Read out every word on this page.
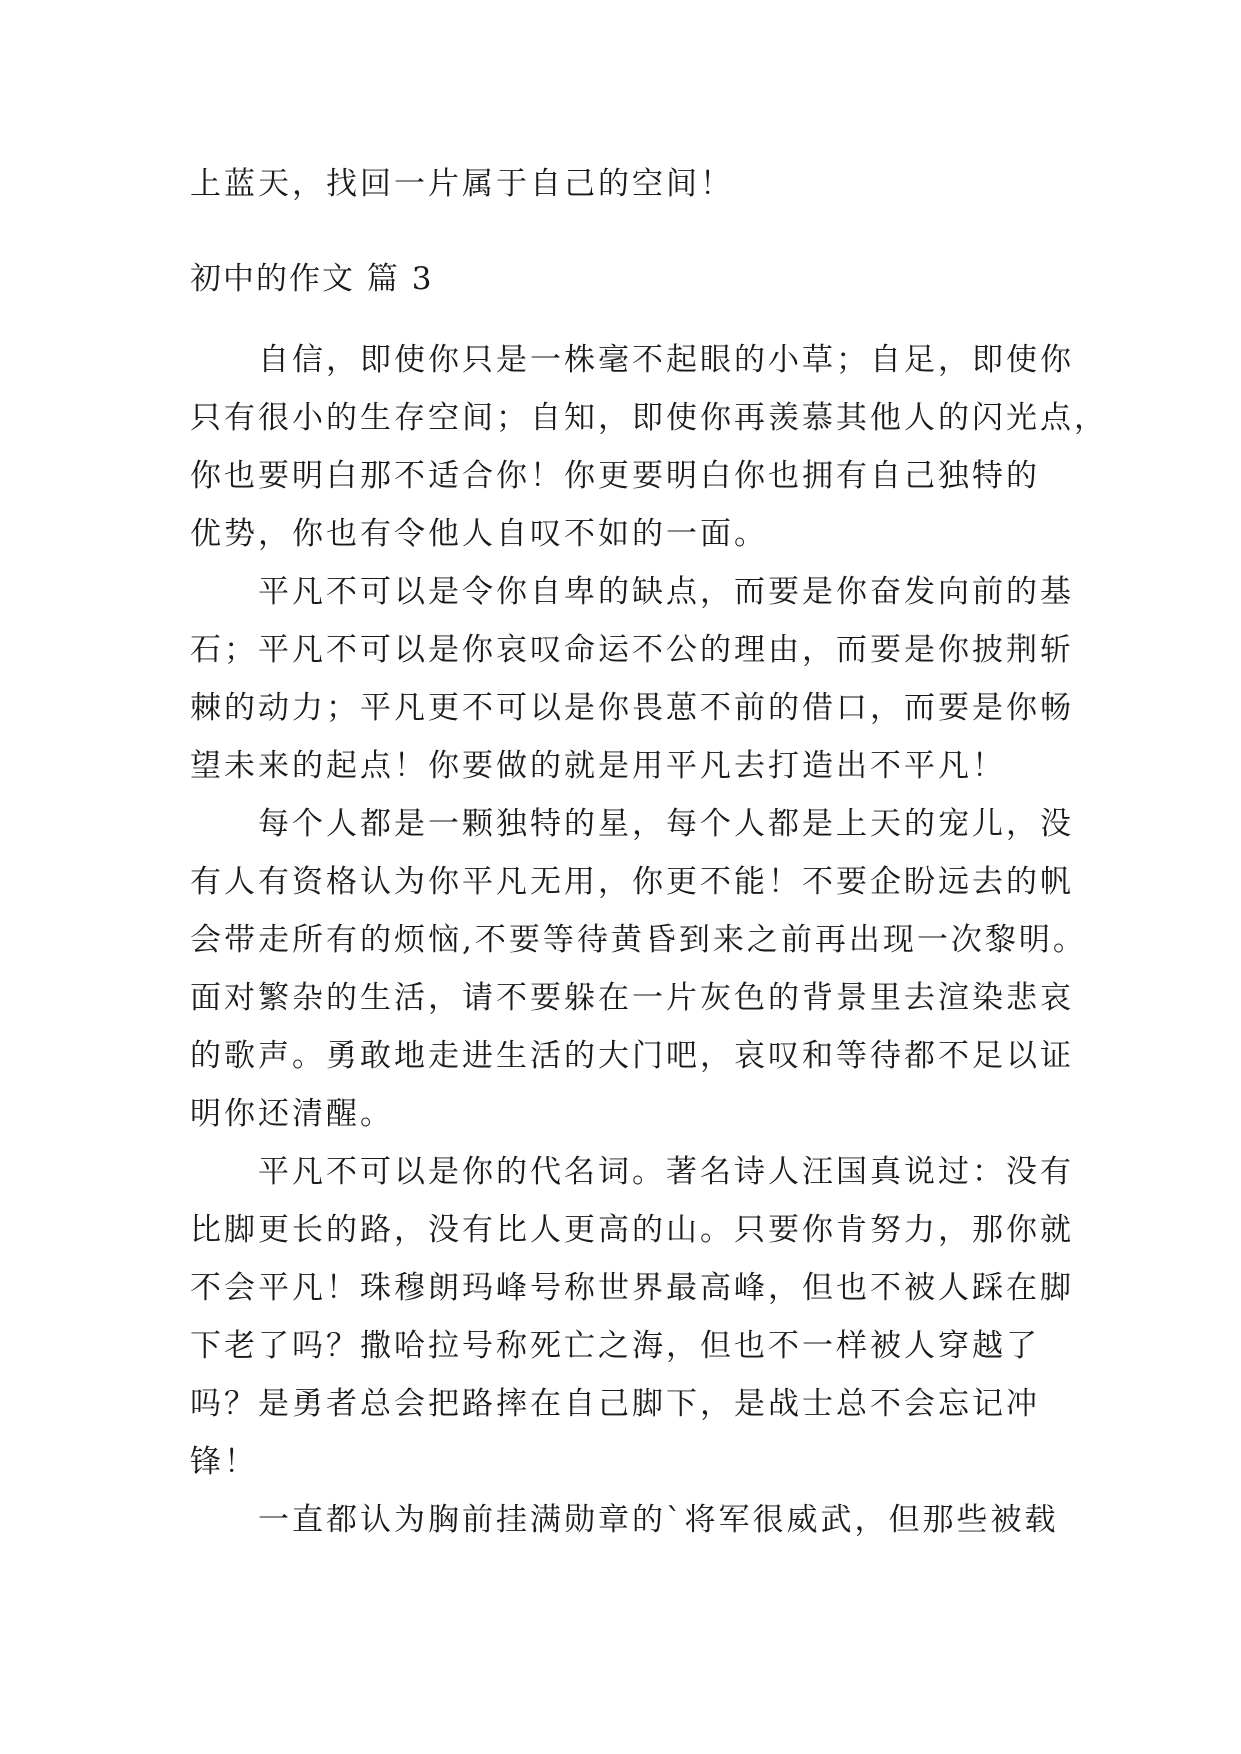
上蓝天，找回一片属于自己的空间！
初中的作文 篇 3
自信，即使你只是一株毫不起眼的小草；自足，即使你
只有很小的生存空间；自知，即使你再羡慕其他人的闪光点，
你也要明白那不适合你！你更要明白你也拥有自己独特的
优势，你也有令他人自叹不如的一面。
平凡不可以是令你自卑的缺点，而要是你奋发向前的基
石；平凡不可以是你哀叹命运不公的理由，而要是你披荆斩
棘的动力；平凡更不可以是你畏葸不前的借口，而要是你畅
望未来的起点！你要做的就是用平凡去打造出不平凡！
每个人都是一颗独特的星，每个人都是上天的宠儿，没
有人有资格认为你平凡无用，你更不能！不要企盼远去的帆
会带走所有的烦恼,不要等待黄昏到来之前再出现一次黎明。
面对繁杂的生活，请不要躲在一片灰色的背景里去渲染悲哀
的歌声。勇敢地走进生活的大门吧，哀叹和等待都不足以证
明你还清醒。
平凡不可以是你的代名词。著名诗人汪国真说过：没有
比脚更长的路，没有比人更高的山。只要你肯努力，那你就
不会平凡！珠穆朗玛峰号称世界最高峰，但也不被人踩在脚
下老了吗？撒哈拉号称死亡之海，但也不一样被人穿越了
吗？是勇者总会把路摔在自己脚下，是战士总不会忘记冲
锋！
一直都认为胸前挂满勋章的`将军很威武，但那些被载
